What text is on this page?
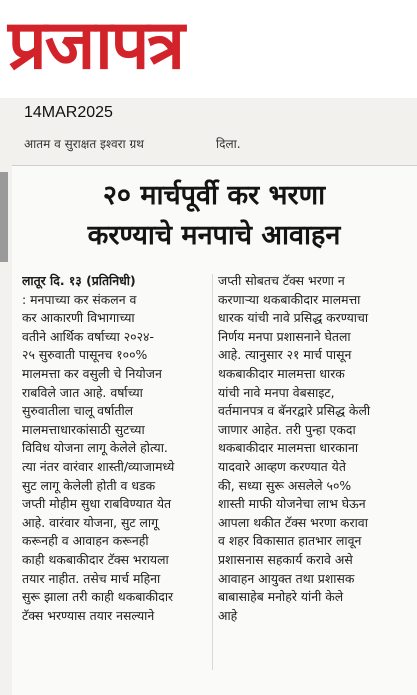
प्रजापत्र
14MAR2025
आतम व सुराक्षत इश्वरा ग्रथ	दिला.
२० मार्चपूर्वी कर भरणा
करण्याचे मनपाचे आवाहन
लातूर दि. १३ (प्रतिनिधी)
: मनपाच्या कर संकलन व
कर आकारणी विभागाच्या
वतीने आर्थिक वर्षाच्या २०२४-
२५ सुरुवाती पासूनच १००%
मालमत्ता कर वसुली चे नियोजन
राबविले जात आहे. वर्षाच्या
सुरुवातीला चालू वर्षातील
मालमत्ताधारकांसाठी सुटच्या
विविध योजना लागू केलेले होत्या.
त्या नंतर वारंवार शास्ती/व्याजामध्ये
सुट लागू केलेली होती व धडक
जप्ती मोहीम सुधा राबविण्यात येत
आहे. वारंवार योजना, सुट लागू
करूनही व आवाहन करूनही
काही थकबाकीदार टॅक्स भरायला
तयार नाहीत. तसेच मार्च महिना
सुरू झाला तरी काही थकबाकीदार
टॅक्स भरण्यास तयार नसल्याने
जप्ती सोबतच टॅक्स भरणा न
करणाऱ्या थकबाकीदार मालमत्ता
धारक यांची नावे प्रसिद्ध करण्याचा
निर्णय मनपा प्रशासनाने घेतला
आहे. त्यानुसार २१ मार्च पासून
थकबाकीदार मालमत्ता धारक
यांची नावे मनपा वेबसाइट,
वर्तमानपत्र व बॅनरद्वारे प्रसिद्ध केली
जाणार आहेत. तरी पुन्हा एकदा
थकबाकीदार मालमत्ता धारकाना
यादवारे आव्हण करण्यात येते
की, सध्या सुरू असलेले ५०%
शास्ती माफी योजनेचा लाभ घेऊन
आपला थकीत टॅक्स भरणा करावा
व शहर विकासात हातभार लावून
प्रशासनास सहकार्य करावे असे
आवाहन आयुक्त तथा प्रशासक
बाबासाहेब मनोहरे यांनी केले
आहे
